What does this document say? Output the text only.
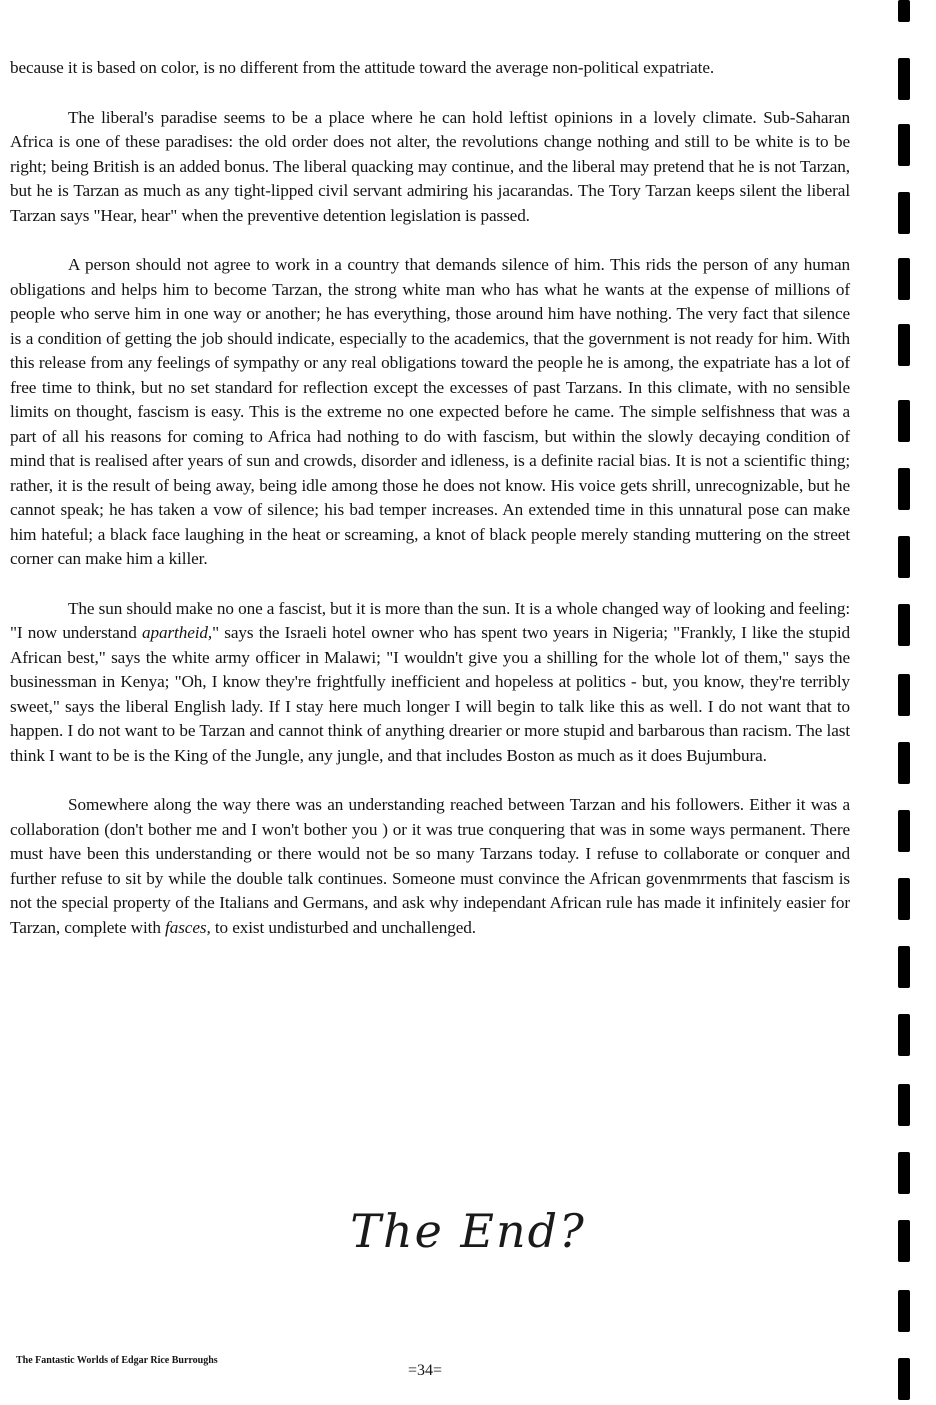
because it is based on color, is no different from the attitude toward the average non-political expatriate.

The liberal's paradise seems to be a place where he can hold leftist opinions in a lovely climate. Sub-Saharan Africa is one of these paradises: the old order does not alter, the revolutions change nothing and still to be white is to be right; being British is an added bonus. The liberal quacking may continue, and the liberal may pretend that he is not Tarzan, but he is Tarzan as much as any tight-lipped civil servant admiring his jacarandas. The Tory Tarzan keeps silent the liberal Tarzan says "Hear, hear" when the preventive detention legislation is passed.

A person should not agree to work in a country that demands silence of him. This rids the person of any human obligations and helps him to become Tarzan, the strong white man who has what he wants at the expense of millions of people who serve him in one way or another; he has everything, those around him have nothing. The very fact that silence is a condition of getting the job should indicate, especially to the academics, that the government is not ready for him. With this release from any feelings of sympathy or any real obligations toward the people he is among, the expatriate has a lot of free time to think, but no set standard for reflection except the excesses of past Tarzans. In this climate, with no sensible limits on thought, fascism is easy. This is the extreme no one expected before he came. The simple selfishness that was a part of all his reasons for coming to Africa had nothing to do with fascism, but within the slowly decaying condition of mind that is realised after years of sun and crowds, disorder and idleness, is a definite racial bias. It is not a scientific thing; rather, it is the result of being away, being idle among those he does not know. His voice gets shrill, unrecognizable, but he cannot speak; he has taken a vow of silence; his bad temper increases. An extended time in this unnatural pose can make him hateful; a black face laughing in the heat or screaming, a knot of black people merely standing muttering on the street corner can make him a killer.

The sun should make no one a fascist, but it is more than the sun. It is a whole changed way of looking and feeling: "I now understand apartheid," says the Israeli hotel owner who has spent two years in Nigeria; "Frankly, I like the stupid African best," says the white army officer in Malawi; "I wouldn't give you a shilling for the whole lot of them," says the businessman in Kenya; "Oh, I know they're frightfully inefficient and hopeless at politics - but, you know, they're terribly sweet," says the liberal English lady. If I stay here much longer I will begin to talk like this as well. I do not want that to happen. I do not want to be Tarzan and cannot think of anything drearier or more stupid and barbarous than racism. The last think I want to be is the King of the Jungle, any jungle, and that includes Boston as much as it does Bujumbura.

Somewhere along the way there was an understanding reached between Tarzan and his followers. Either it was a collaboration (don't bother me and I won't bother you ) or it was true conquering that was in some ways permanent. There must have been this understanding or there would not be so many Tarzans today. I refuse to collaborate or conquer and further refuse to sit by while the double talk continues. Someone must convince the African govenmrments that fascism is not the special property of the Italians and Germans, and ask why independant African rule has made it infinitely easier for Tarzan, complete with fasces, to exist undisturbed and unchallenged.

The End?
The Fantastic Worlds of Edgar Rice Burroughs
=34=
